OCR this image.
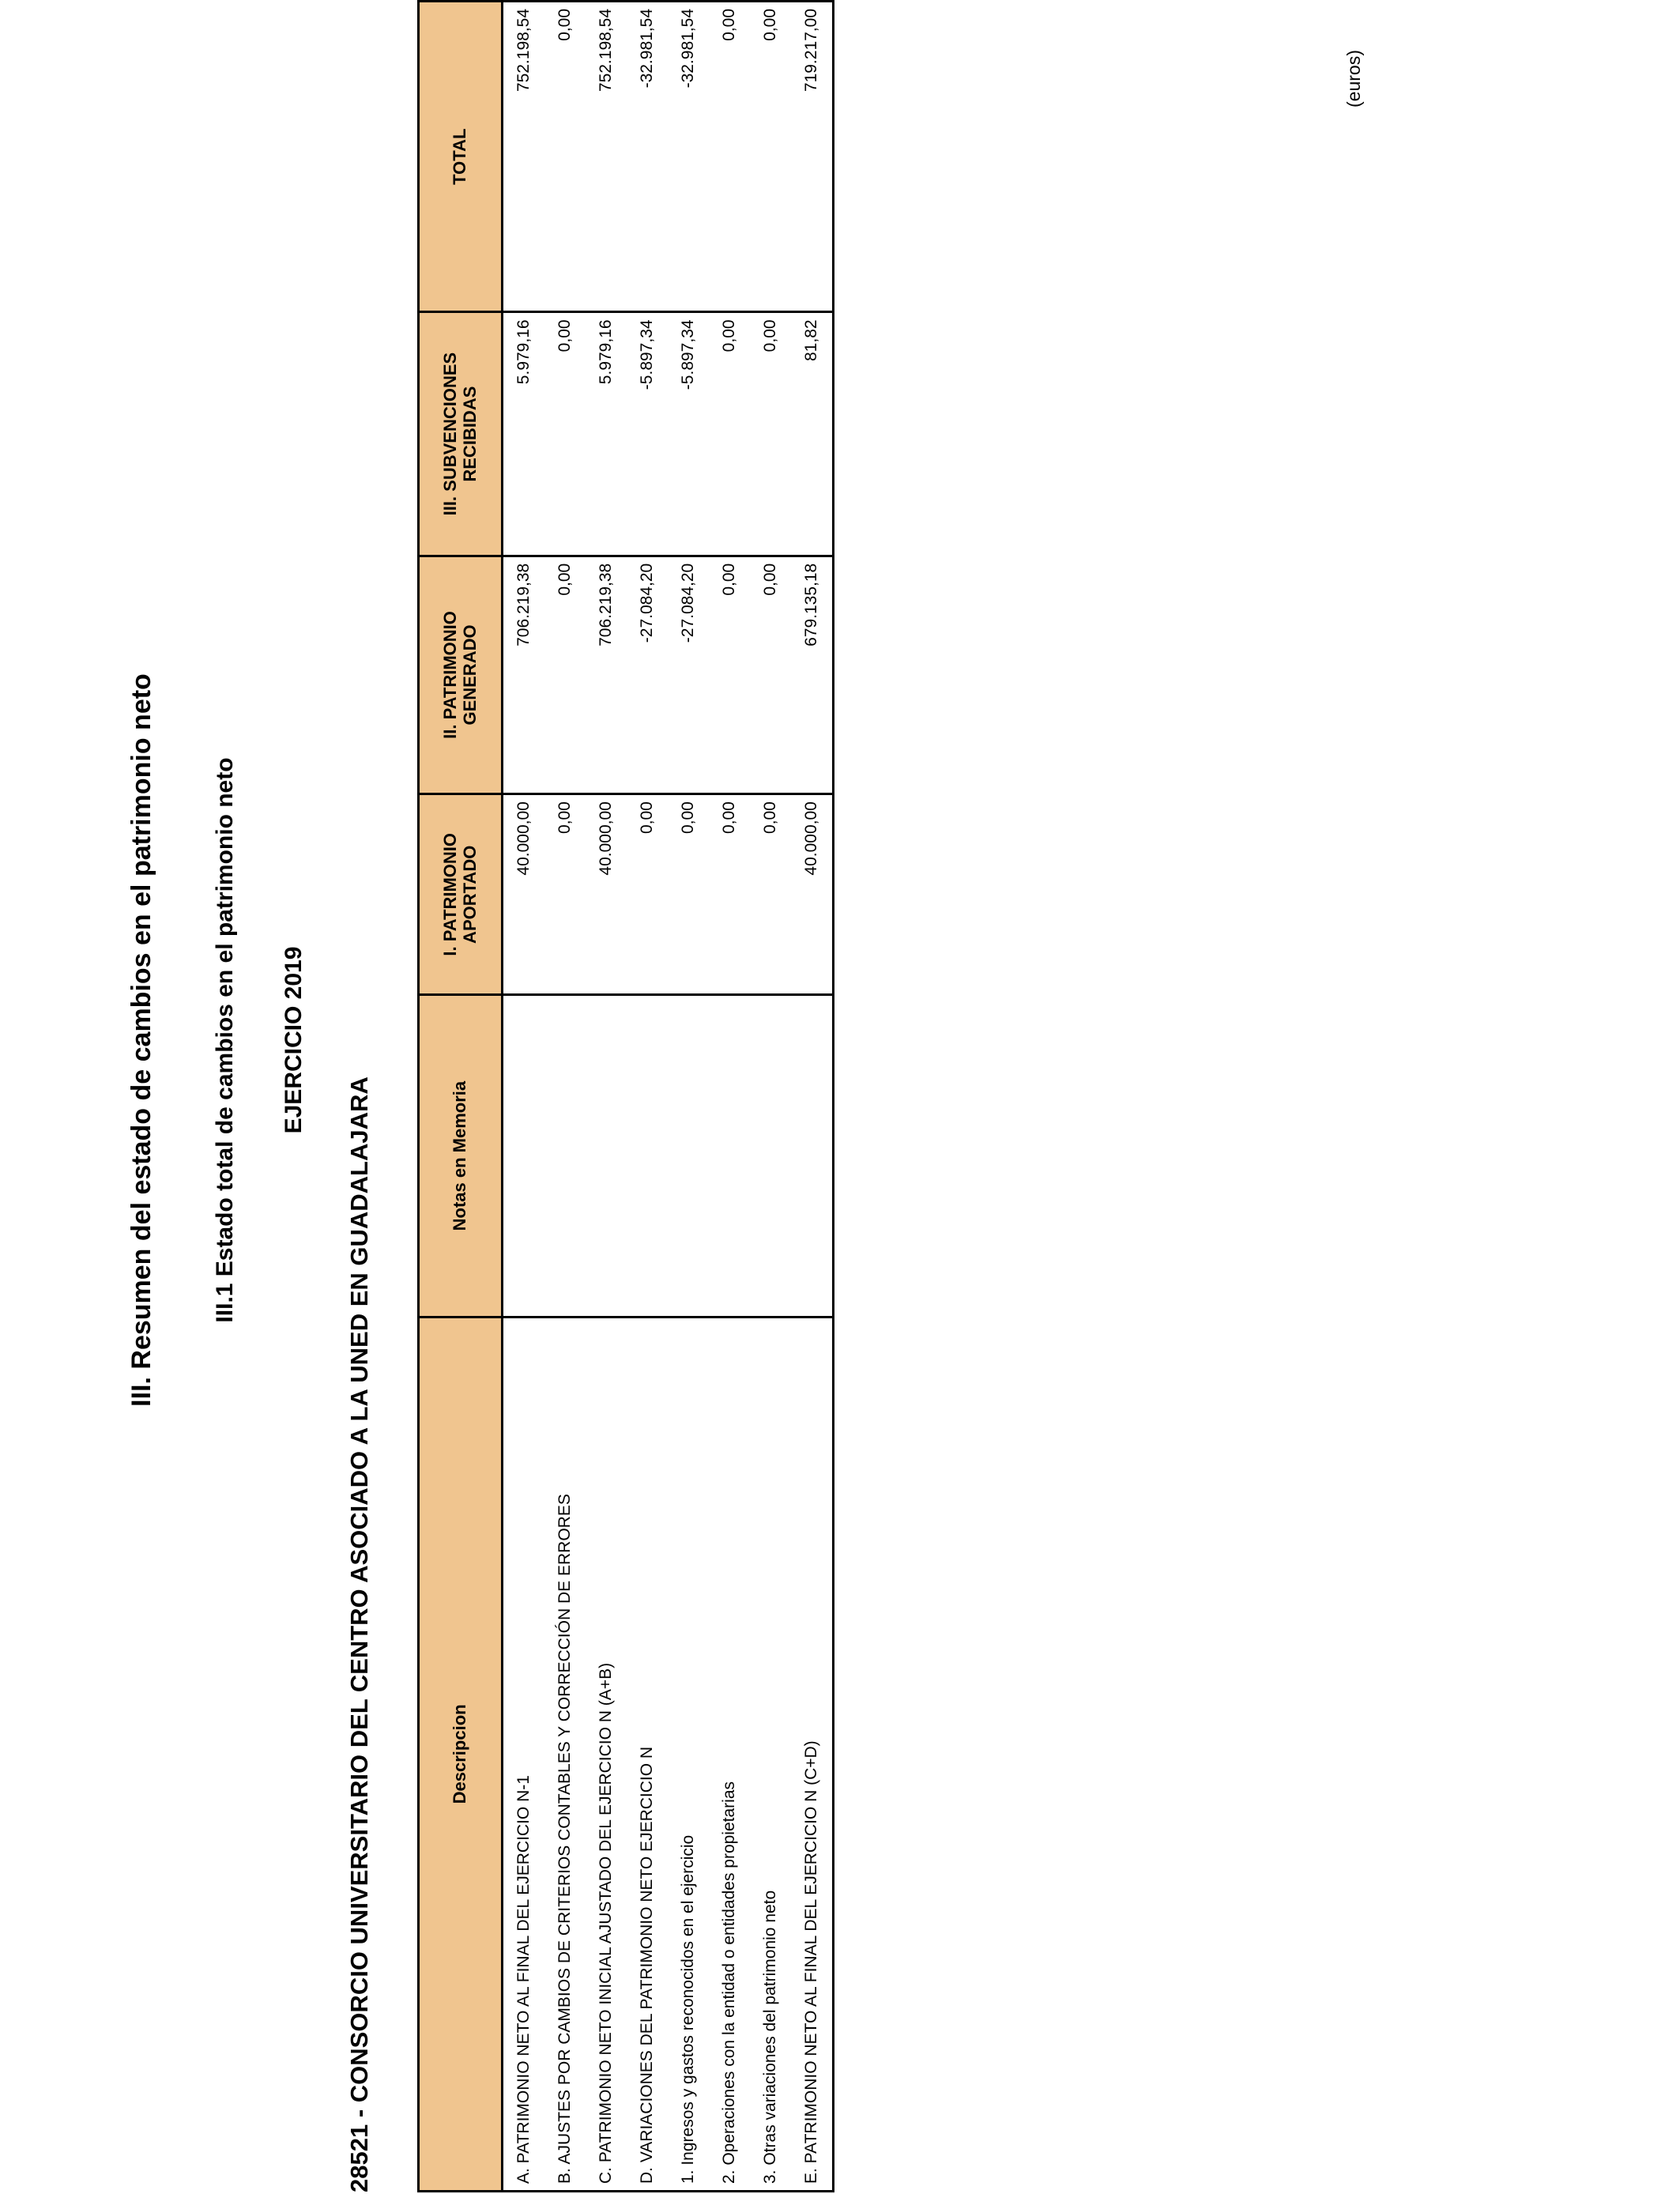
III. Resumen del estado de cambios en el patrimonio neto III.1 Estado total de cambios en el patrimonio neto EJERCICIO 2019
28521 - CONSORCIO UNIVERSITARIO DEL CENTRO ASOCIADO A LA UNED EN GUADALAJARA
(euros)
Descripcion	Notas en Memoria	I. PATRIMONIO APORTADO	II. PATRIMONIO GENERADO	III. SUBVENCIONES RECIBIDAS	TOTAL
A. PATRIMONIO NETO AL FINAL DEL EJERCICIO N-1		40.000,00	706.219,38	5.979,16	752.198,54
B. AJUSTES POR CAMBIOS DE CRITERIOS CONTABLES Y CORRECCIÓN DE ERRORES		0,00	0,00	0,00	0,00
C. PATRIMONIO NETO INICIAL AJUSTADO DEL EJERCICIO N (A+B)		40.000,00	706.219,38	5.979,16	752.198,54
D. VARIACIONES DEL PATRIMONIO NETO EJERCICIO N		0,00	-27.084,20	-5.897,34	-32.981,54
1. Ingresos y gastos reconocidos en el ejercicio		0,00	-27.084,20	-5.897,34	-32.981,54
2. Operaciones con la entidad o entidades propietarias		0,00	0,00	0,00	0,00
3. Otras variaciones del patrimonio neto		0,00	0,00	0,00	0,00
E. PATRIMONIO NETO AL FINAL DEL EJERCICIO N (C+D)		40.000,00	679.135,18	81,82	719.217,00
